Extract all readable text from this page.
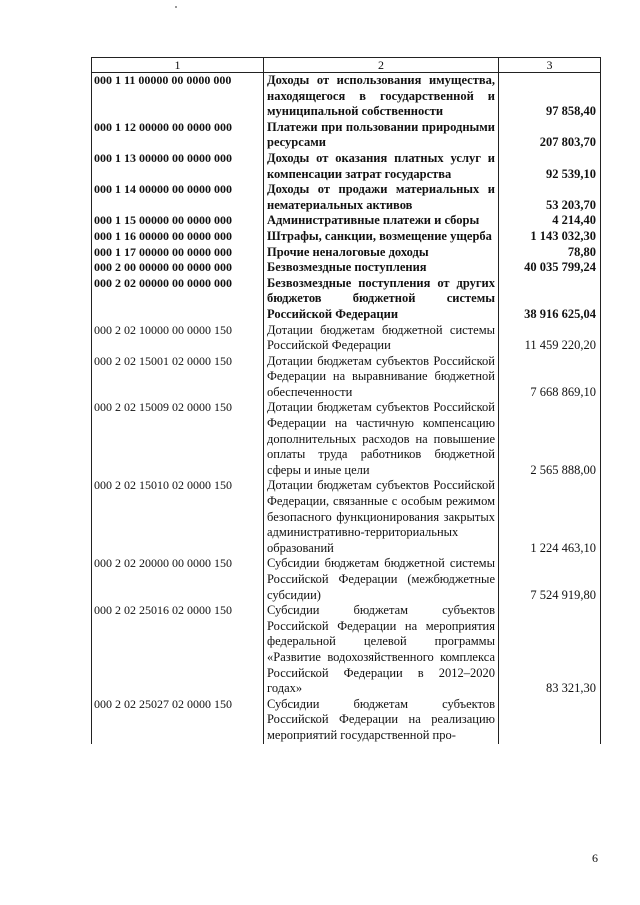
1	2	3
000 1 11 00000 00 0000 000	Доходы от использования имущества, находящегося в государственной и муниципальной собственности	97 858,40
000 1 12 00000 00 0000 000	Платежи при пользовании природными ресурсами	207 803,70
000 1 13 00000 00 0000 000	Доходы от оказания платных услуг и компенсации затрат государства	92 539,10
000 1 14 00000 00 0000 000	Доходы от продажи материальных и нематериальных активов	53 203,70
000 1 15 00000 00 0000 000	Административные платежи и сборы	4 214,40
000 1 16 00000 00 0000 000	Штрафы, санкции, возмещение ущерба	1 143 032,30
000 1 17 00000 00 0000 000	Прочие неналоговые доходы	78,80
000 2 00 00000 00 0000 000	Безвозмездные поступления	40 035 799,24
000 2 02 00000 00 0000 000	Безвозмездные поступления от других бюджетов бюджетной системы Российской Федерации	38 916 625,04
000 2 02 10000 00 0000 150	Дотации бюджетам бюджетной системы Российской Федерации	11 459 220,20
000 2 02 15001 02 0000 150	Дотации бюджетам субъектов Российской Федерации на выравнивание бюджетной обеспеченности	7 668 869,10
000 2 02 15009 02 0000 150	Дотации бюджетам субъектов Российской Федерации на частичную компенсацию дополнительных расходов на повышение оплаты труда работников бюджетной сферы и иные цели	2 565 888,00
000 2 02 15010 02 0000 150	Дотации бюджетам субъектов Российской Федерации, связанные с особым режимом безопасного функционирования закрытых административно-территориальных образований	1 224 463,10
000 2 02 20000 00 0000 150	Субсидии бюджетам бюджетной системы Российской Федерации (межбюджетные субсидии)	7 524 919,80
000 2 02 25016 02 0000 150	Субсидии бюджетам субъектов Российской Федерации на мероприятия федеральной целевой программы «Развитие водохозяйственного комплекса Российской Федерации в 2012–2020 годах»	83 321,30
000 2 02 25027 02 0000 150	Субсидии бюджетам субъектов Российской Федерации на реализацию мероприятий государственной про-	
6
